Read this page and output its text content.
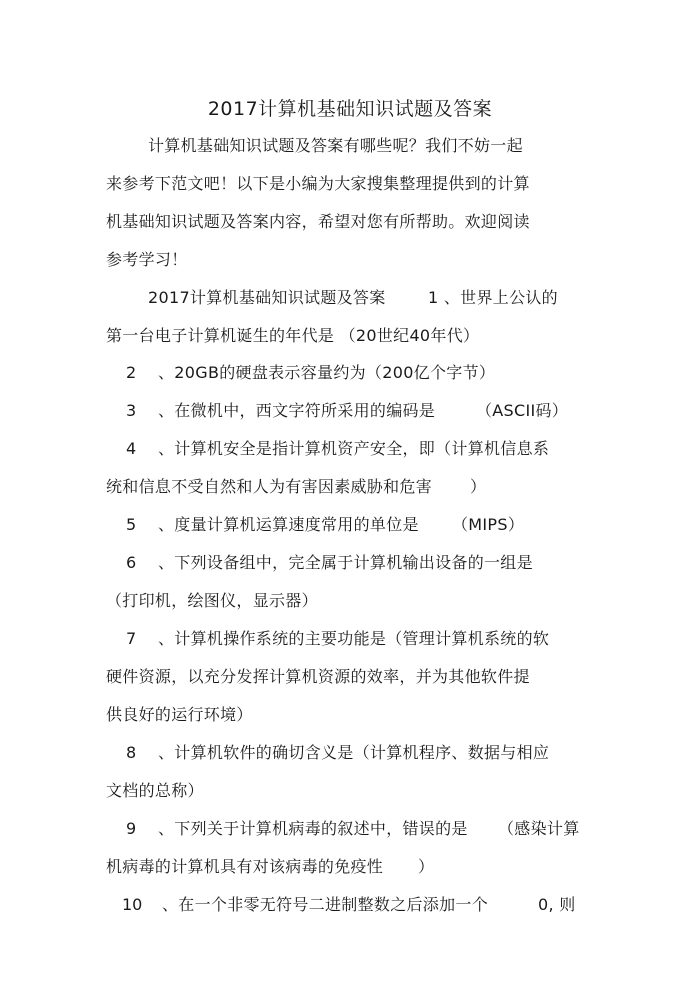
2017计算机基础知识试题及答案
计算机基础知识试题及答案有哪些呢？我们不妨一起
来参考下范文吧！以下是小编为大家搜集整理提供到的计算
机基础知识试题及答案内容，希望对您有所帮助。欢迎阅读
参考学习！
2017计算机基础知识试题及答案	1 、世界上公认的
第一台电子计算机诞生的年代是 （20世纪40年代）
2 、20GB的硬盘表示容量约为（200亿个字节）
3 、在微机中，西文字符所采用的编码是	（ASCII码）
4 、计算机安全是指计算机资产安全，即（计算机信息系
统和信息不受自然和人为有害因素威胁和危害 ）
5 、度量计算机运算速度常用的单位是 （MIPS）
6 、下列设备组中，完全属于计算机输出设备的一组是
（打印机，绘图仪，显示器）
7 、计算机操作系统的主要功能是（管理计算机系统的软
硬件资源，以充分发挥计算机资源的效率，并为其他软件提
供良好的运行环境）
8 、计算机软件的确切含义是（计算机程序、数据与相应
文档的总称）
9 、下列关于计算机病毒的叙述中，错误的是 （感染计算
机病毒的计算机具有对该病毒的免疫性 ）
10 、在一个非零无符号二进制整数之后添加一个	0, 则
